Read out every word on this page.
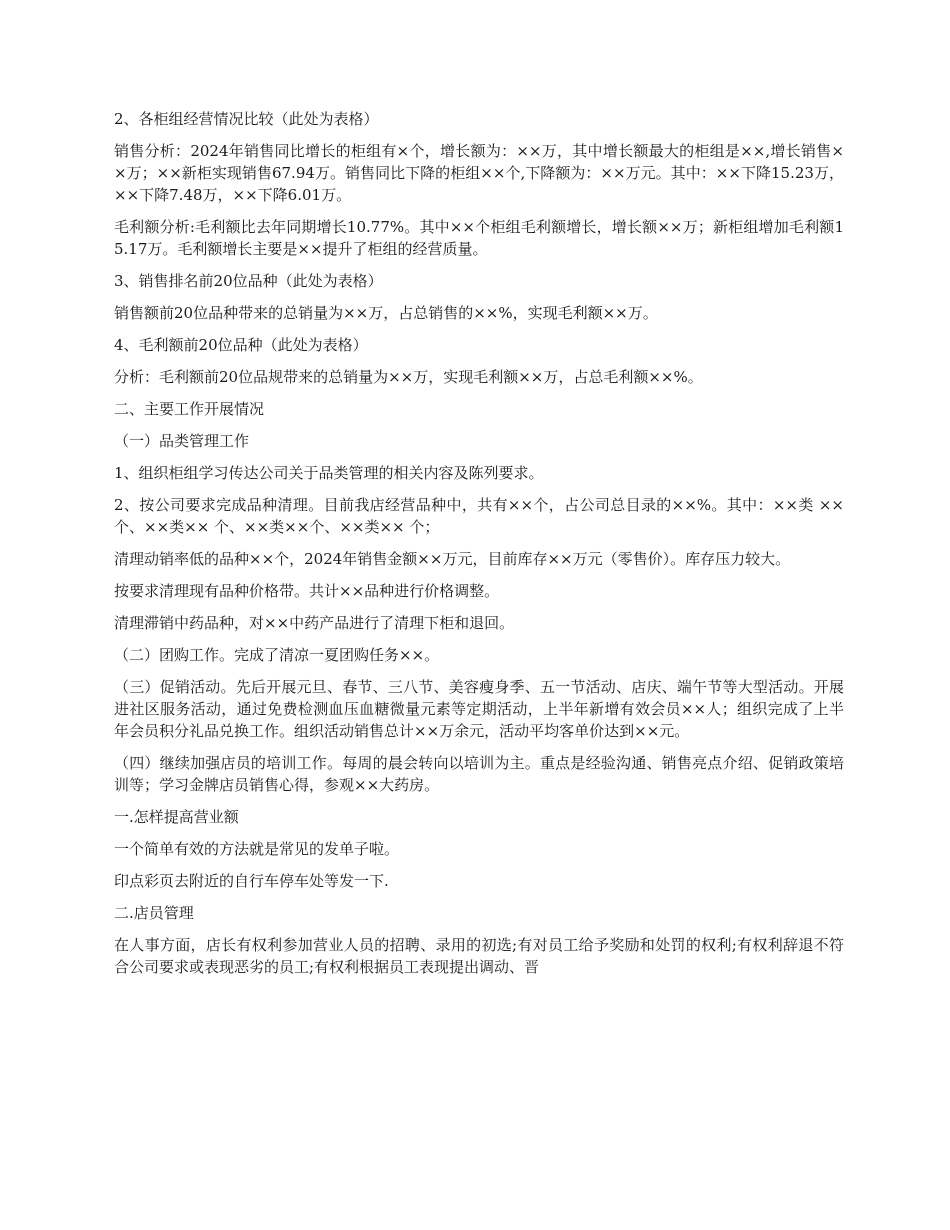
2、各柜组经营情况比较（此处为表格）

销售分析：2024年销售同比增长的柜组有×个，增长额为：××万，其中增长额最大的柜组是××,增长销售××万；××新柜实现销售67.94万。销售同比下降的柜组××个,下降额为：××万元。其中：××下降15.23万，××下降7.48万，××下降6.01万。

毛利额分析:毛利额比去年同期增长10.77%。其中××个柜组毛利额增长，增长额××万；新柜组增加毛利额15.17万。毛利额增长主要是××提升了柜组的经营质量。

3、销售排名前20位品种（此处为表格）

销售额前20位品种带来的总销量为××万，占总销售的××%，实现毛利额××万。

4、毛利额前20位品种（此处为表格）

分析：毛利额前20位品规带来的总销量为××万，实现毛利额××万，占总毛利额××%。

二、主要工作开展情况

（一）品类管理工作

1、组织柜组学习传达公司关于品类管理的相关内容及陈列要求。

2、按公司要求完成品种清理。目前我店经营品种中，共有××个，占公司总目录的××%。其中：××类 ××个、××类×× 个、××类××个、××类×× 个；

清理动销率低的品种××个，2024年销售金额××万元，目前库存××万元（零售价）。库存压力较大。

按要求清理现有品种价格带。共计××品种进行价格调整。

清理滞销中药品种，对××中药产品进行了清理下柜和退回。

（二）团购工作。完成了清凉一夏团购任务××。

（三）促销活动。先后开展元旦、春节、三八节、美容瘦身季、五一节活动、店庆、端午节等大型活动。开展进社区服务活动，通过免费检测血压血糖微量元素等定期活动，上半年新增有效会员××人；组织完成了上半年会员积分礼品兑换工作。组织活动销售总计××万余元，活动平均客单价达到××元。

（四）继续加强店员的培训工作。每周的晨会转向以培训为主。重点是经验沟通、销售亮点介绍、促销政策培训等；学习金牌店员销售心得，参观××大药房。

一.怎样提高营业额

一个简单有效的方法就是常见的发单子啦。

印点彩页去附近的自行车停车处等发一下.

二.店员管理

在人事方面，店长有权利参加营业人员的招聘、录用的初选;有对员工给予奖励和处罚的权利;有权利辞退不符合公司要求或表现恶劣的员工;有权利根据员工表现提出调动、晋
